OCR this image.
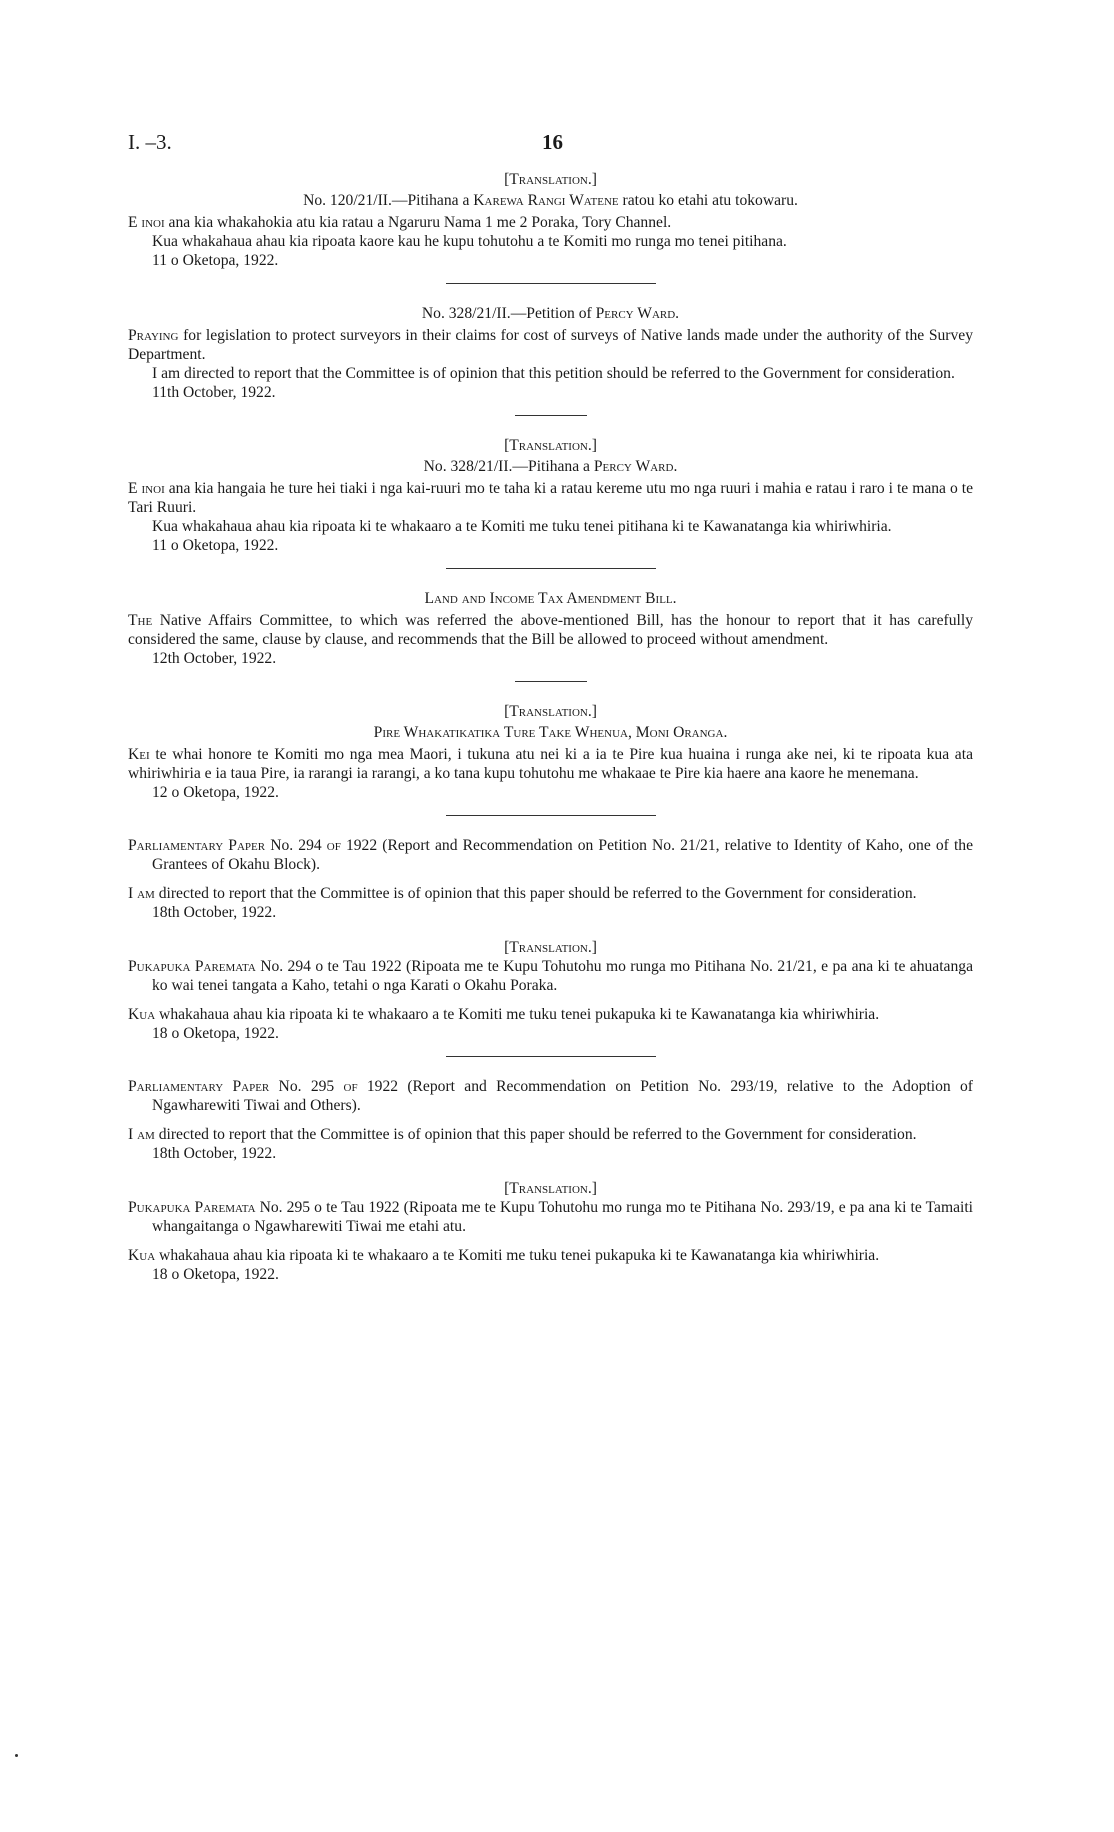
I. –3.	16

[Translation.]

No. 120/21/II.—Pitihana a Karewa Rangi Watene ratou ko etahi atu tokowaru.

E inoi ana kia whakahokia atu kia ratau a Ngaruru Nama 1 me 2 Poraka, Tory Channel.

Kua whakahaua ahau kia ripoata kaore kau he kupu tohutohu a te Komiti mo runga mo tenei pitihana.

11 o Oketopa, 1922.

No. 328/21/II.—Petition of Percy Ward.

Praying for legislation to protect surveyors in their claims for cost of surveys of Native lands made under the authority of the Survey Department.

I am directed to report that the Committee is of opinion that this petition should be referred to the Government for consideration.

11th October, 1922.

[Translation.]

No. 328/21/II.—Pitihana a Percy Ward.

E inoi ana kia hangaia he ture hei tiaki i nga kai-ruuri mo te taha ki a ratau kereme utu mo nga ruuri i mahia e ratau i raro i te mana o te Tari Ruuri.

Kua whakahaua ahau kia ripoata ki te whakaaro a te Komiti me tuku tenei pitihana ki te Kawanatanga kia whiriwhiria.

11 o Oketopa, 1922.

Land and Income Tax Amendment Bill.

The Native Affairs Committee, to which was referred the above-mentioned Bill, has the honour to report that it has carefully considered the same, clause by clause, and recommends that the Bill be allowed to proceed without amendment.

12th October, 1922.

[Translation.]

Pire Whakatikatika Ture Take Whenua, Moni Oranga.

Kei te whai honore te Komiti mo nga mea Maori, i tukuna atu nei ki a ia te Pire kua huaina i runga ake nei, ki te ripoata kua ata whiriwhiria e ia taua Pire, ia rarangi ia rarangi, a ko tana kupu tohutohu me whakaae te Pire kia haere ana kaore he menemana.

12 o Oketopa, 1922.

Parliamentary Paper No. 294 of 1922 (Report and Recommendation on Petition No. 21/21, relative to Identity of Kaho, one of the Grantees of Okahu Block).

I am directed to report that the Committee is of opinion that this paper should be referred to the Government for consideration.

18th October, 1922.

[Translation.]

Pukapuka Paremata No. 294 o te Tau 1922 (Ripoata me te Kupu Tohutohu mo runga mo Pitihana No. 21/21, e pa ana ki te ahuatanga ko wai tenei tangata a Kaho, tetahi o nga Karati o Okahu Poraka.

Kua whakahaua ahau kia ripoata ki te whakaaro a te Komiti me tuku tenei pukapuka ki te Kawanatanga kia whiriwhiria.

18 o Oketopa, 1922.

Parliamentary Paper No. 295 of 1922 (Report and Recommendation on Petition No. 293/19, relative to the Adoption of Ngawharewiti Tiwai and Others).

I am directed to report that the Committee is of opinion that this paper should be referred to the Government for consideration.

18th October, 1922.

[Translation.]

Pukapuka Paremata No. 295 o te Tau 1922 (Ripoata me te Kupu Tohutohu mo runga mo te Pitihana No. 293/19, e pa ana ki te Tamaiti whangaitanga o Ngawharewiti Tiwai me etahi atu.

Kua whakahaua ahau kia ripoata ki te whakaaro a te Komiti me tuku tenei pukapuka ki te Kawanatanga kia whiriwhiria.

18 o Oketopa, 1922.
